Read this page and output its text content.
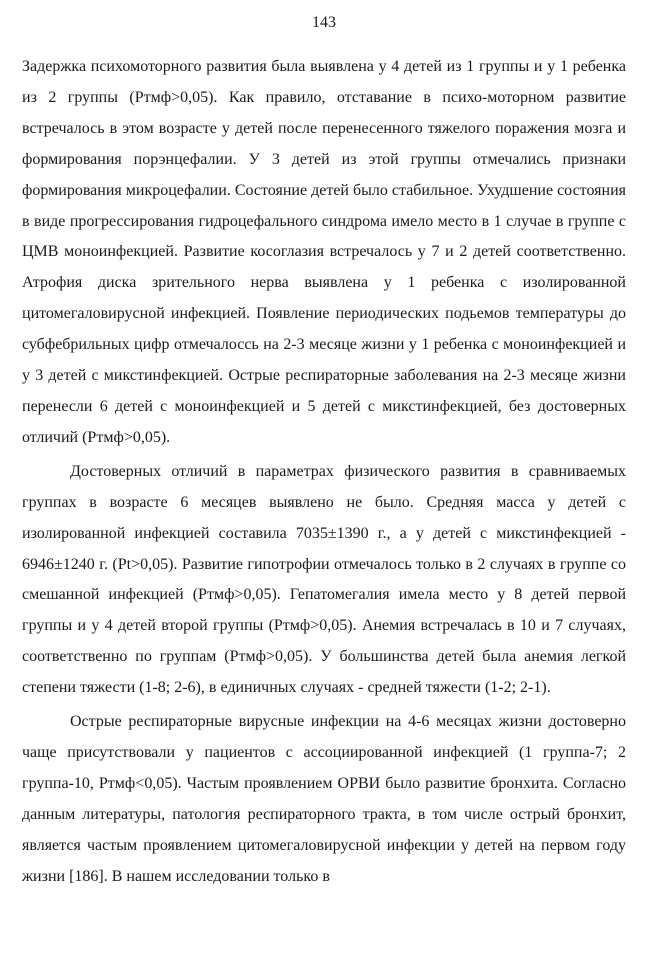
143

Задержка психомоторного развития была выявлена у 4 детей из 1 группы и у 1 ребенка из 2 группы (Ртмф>0,05). Как правило, отставание в психо-моторном развитие встречалось в этом возрасте у детей после перенесенного тяжелого поражения мозга и формирования порэнцефалии. У 3 детей из этой группы отмечались признаки формирования микроцефалии. Состояние детей было стабильное. Ухудшение состояния в виде прогрессирования гидроцефального синдрома имело место в 1 случае в группе с ЦМВ моноинфекцией. Развитие косоглазия встречалось у 7 и 2 детей соответственно. Атрофия диска зрительного нерва выявлена у 1 ребенка с изолированной цитомегаловирусной инфекцией. Появление периодических подьемов температуры до субфебрильных цифр отмечалоссь на 2-3 месяце жизни у 1 ребенка с моноинфекцией и у 3 детей с микстинфекцией. Острые респираторные заболевания на 2-3 месяце жизни перенесли 6 детей с моноинфекцией и 5 детей с микстинфекцией, без достоверных отличий (Ртмф>0,05).

Достоверных отличий в параметрах физического развития в сравниваемых группах в возрасте 6 месяцев выявлено не было. Средняя масса у детей с изолированной инфекцией составила 7035±1390 г., а у детей с микстинфекцией - 6946±1240 г. (Pt>0,05). Развитие гипотрофии отмечалось только в 2 случаях в группе со смешанной инфекцией (Ртмф>0,05). Гепатомегалия имела место у 8 детей первой группы и у 4 детей второй группы (Ртмф>0,05). Анемия встречалась в 10 и 7 случаях, соответственно по группам (Ртмф>0,05). У большинства детей была анемия легкой степени тяжести (1-8; 2-6), в единичных случаях - средней тяжести (1-2; 2-1).

Острые респираторные вирусные инфекции на 4-6 месяцах жизни достоверно чаще присутствовали у пациентов с ассоциированной инфекцией (1 группа-7; 2 группа-10, Ртмф<0,05). Частым проявлением ОРВИ было развитие бронхита. Согласно данным литературы, патология респираторного тракта, в том числе острый бронхит, является частым проявлением цитомегаловирусной инфекции у детей на первом году жизни [186]. В нашем исследовании только в
